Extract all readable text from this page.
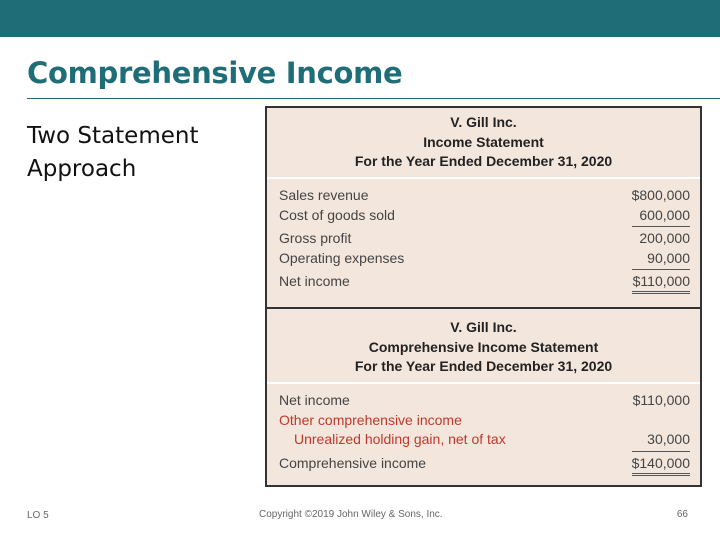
Comprehensive Income
Two Statement
Approach
V. Gill Inc.
Income Statement
For the Year Ended December 31, 2020
Sales revenue	$800,000
Cost of goods sold	600,000
Gross profit	200,000
Operating expenses	90,000
Net income	$110,000
V. Gill Inc.
Comprehensive Income Statement
For the Year Ended December 31, 2020
Net income	$110,000
Other comprehensive income
Unrealized holding gain, net of tax	30,000
Comprehensive income	$140,000
LO 5	Copyright ©2019 John Wiley & Sons, Inc.	66
